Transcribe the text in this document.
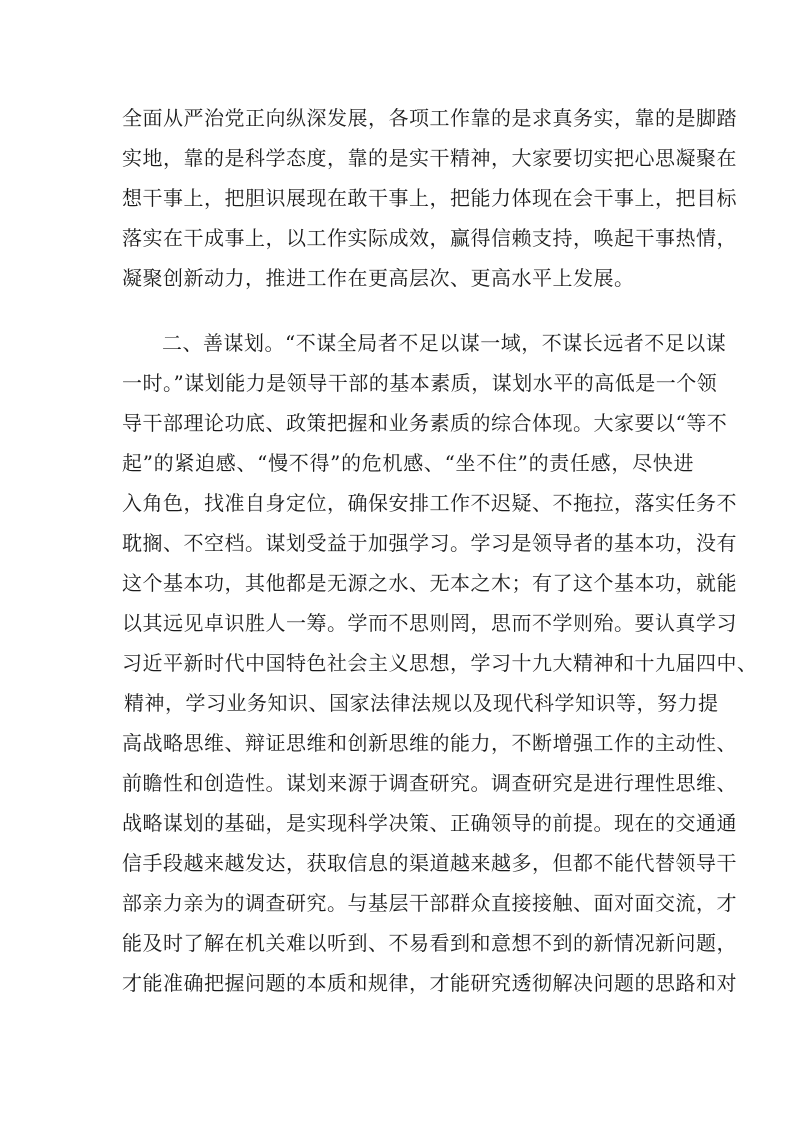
全面从严治党正向纵深发展，各项工作靠的是求真务实，靠的是脚踏
实地，靠的是科学态度，靠的是实干精神，大家要切实把心思凝聚在
想干事上，把胆识展现在敢干事上，把能力体现在会干事上，把目标
落实在干成事上，以工作实际成效，赢得信赖支持，唤起干事热情，
凝聚创新动力，推进工作在更高层次、更高水平上发展。
二、善谋划。“不谋全局者不足以谋一域，不谋长远者不足以谋
一时。”谋划能力是领导干部的基本素质，谋划水平的高低是一个领
导干部理论功底、政策把握和业务素质的综合体现。大家要以“等不
起”的紧迫感、“慢不得”的危机感、“坐不住”的责任感，尽快进
入角色，找准自身定位，确保安排工作不迟疑、不拖拉，落实任务不
耽搁、不空档。谋划受益于加强学习。学习是领导者的基本功，没有
这个基本功，其他都是无源之水、无本之木；有了这个基本功，就能
以其远见卓识胜人一筹。学而不思则罔，思而不学则殆。要认真学习
习近平新时代中国特色社会主义思想，学习十九大精神和十九届四中、
精神，学习业务知识、国家法律法规以及现代科学知识等，努力提
高战略思维、辩证思维和创新思维的能力，不断增强工作的主动性、
前瞻性和创造性。谋划来源于调查研究。调查研究是进行理性思维、
战略谋划的基础，是实现科学决策、正确领导的前提。现在的交通通
信手段越来越发达，获取信息的渠道越来越多，但都不能代替领导干
部亲力亲为的调查研究。与基层干部群众直接接触、面对面交流，才
能及时了解在机关难以听到、不易看到和意想不到的新情况新问题，
才能准确把握问题的本质和规律，才能研究透彻解决问题的思路和对
